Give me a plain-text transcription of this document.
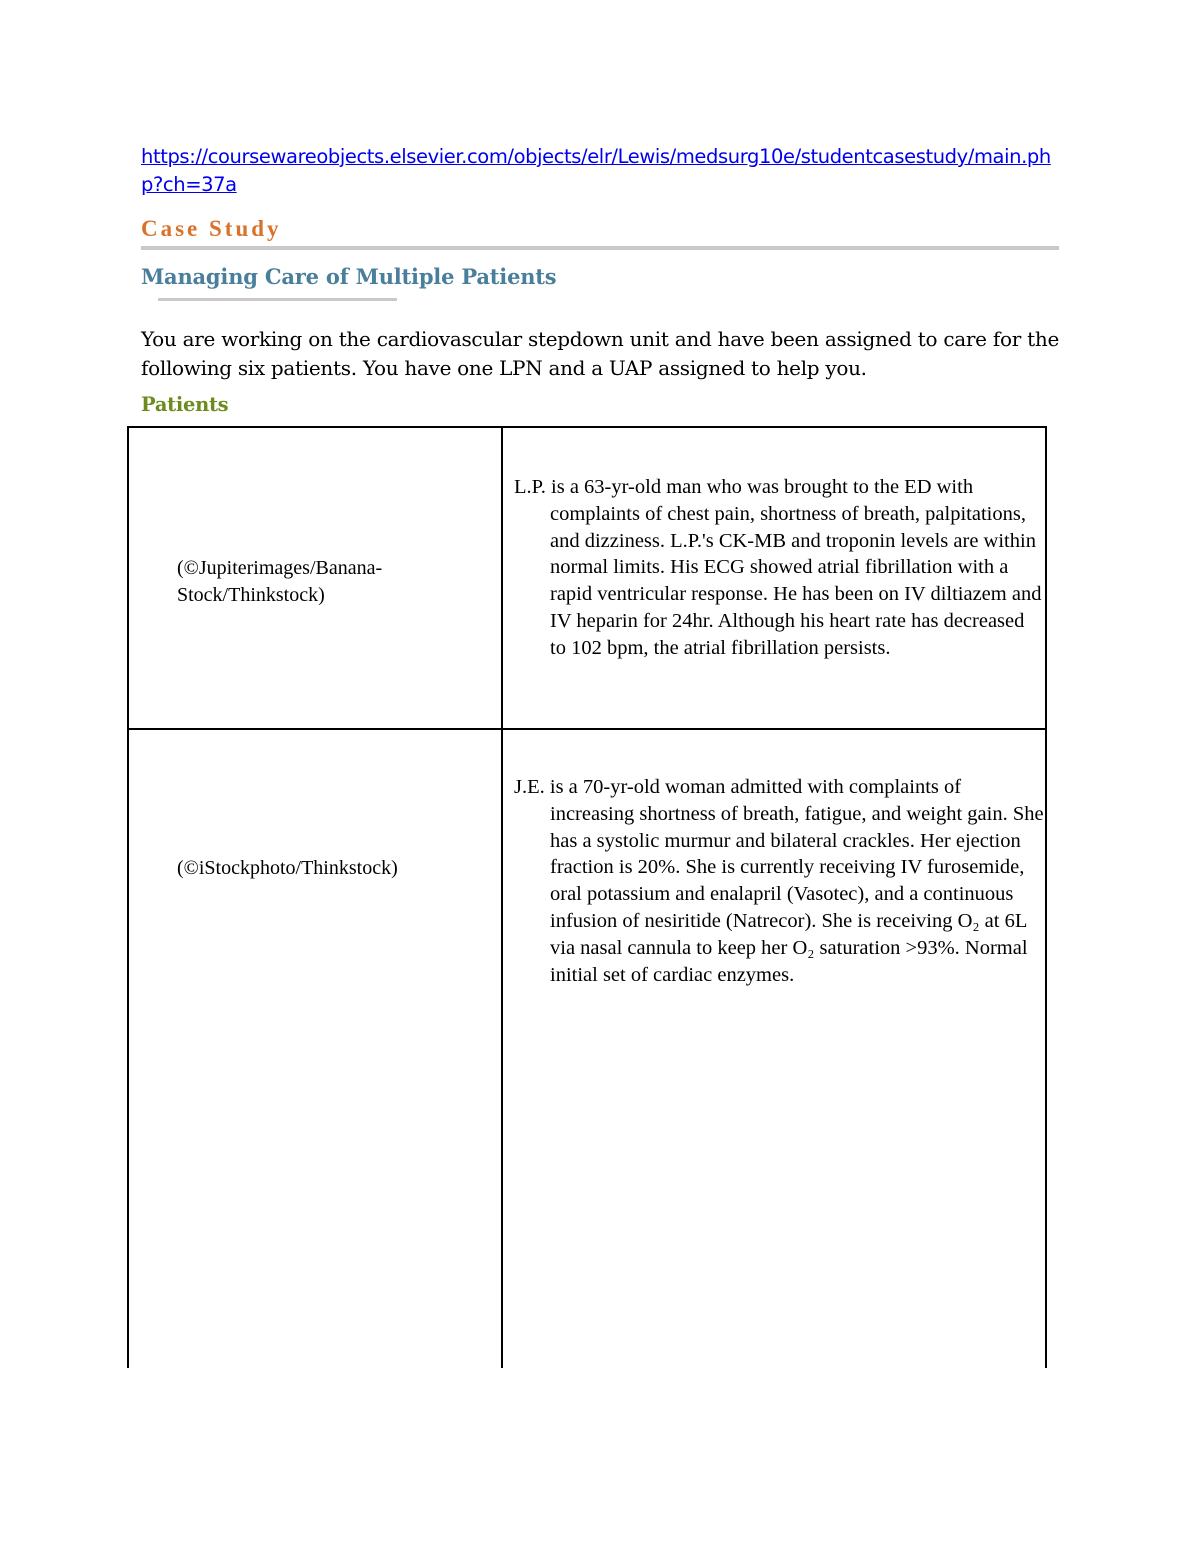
https://coursewareobjects.elsevier.com/objects/elr/Lewis/medsurg10e/studentcasestudy/main.php?ch=37a
Case Study
Managing Care of Multiple Patients
You are working on the cardiovascular stepdown unit and have been assigned to care for the following six patients. You have one LPN and a UAP assigned to help you.
Patients
(©Jupiterimages/Banana-Stock/Thinkstock)
L.P. is a 63-yr-old man who was brought to the ED with complaints of chest pain, shortness of breath, palpitations, and dizziness. L.P.'s CK-MB and troponin levels are within normal limits. His ECG showed atrial fibrillation with a rapid ventricular response. He has been on IV diltiazem and IV heparin for 24hr. Although his heart rate has decreased to 102 bpm, the atrial fibrillation persists.
(©iStockphoto/Thinkstock)
J.E. is a 70-yr-old woman admitted with complaints of increasing shortness of breath, fatigue, and weight gain. She has a systolic murmur and bilateral crackles. Her ejection fraction is 20%. She is currently receiving IV furosemide, oral potassium and enalapril (Vasotec), and a continuous infusion of nesiritide (Natrecor). She is receiving O₂ at 6L via nasal cannula to keep her O₂ saturation >93%. Normal initial set of cardiac enzymes.
